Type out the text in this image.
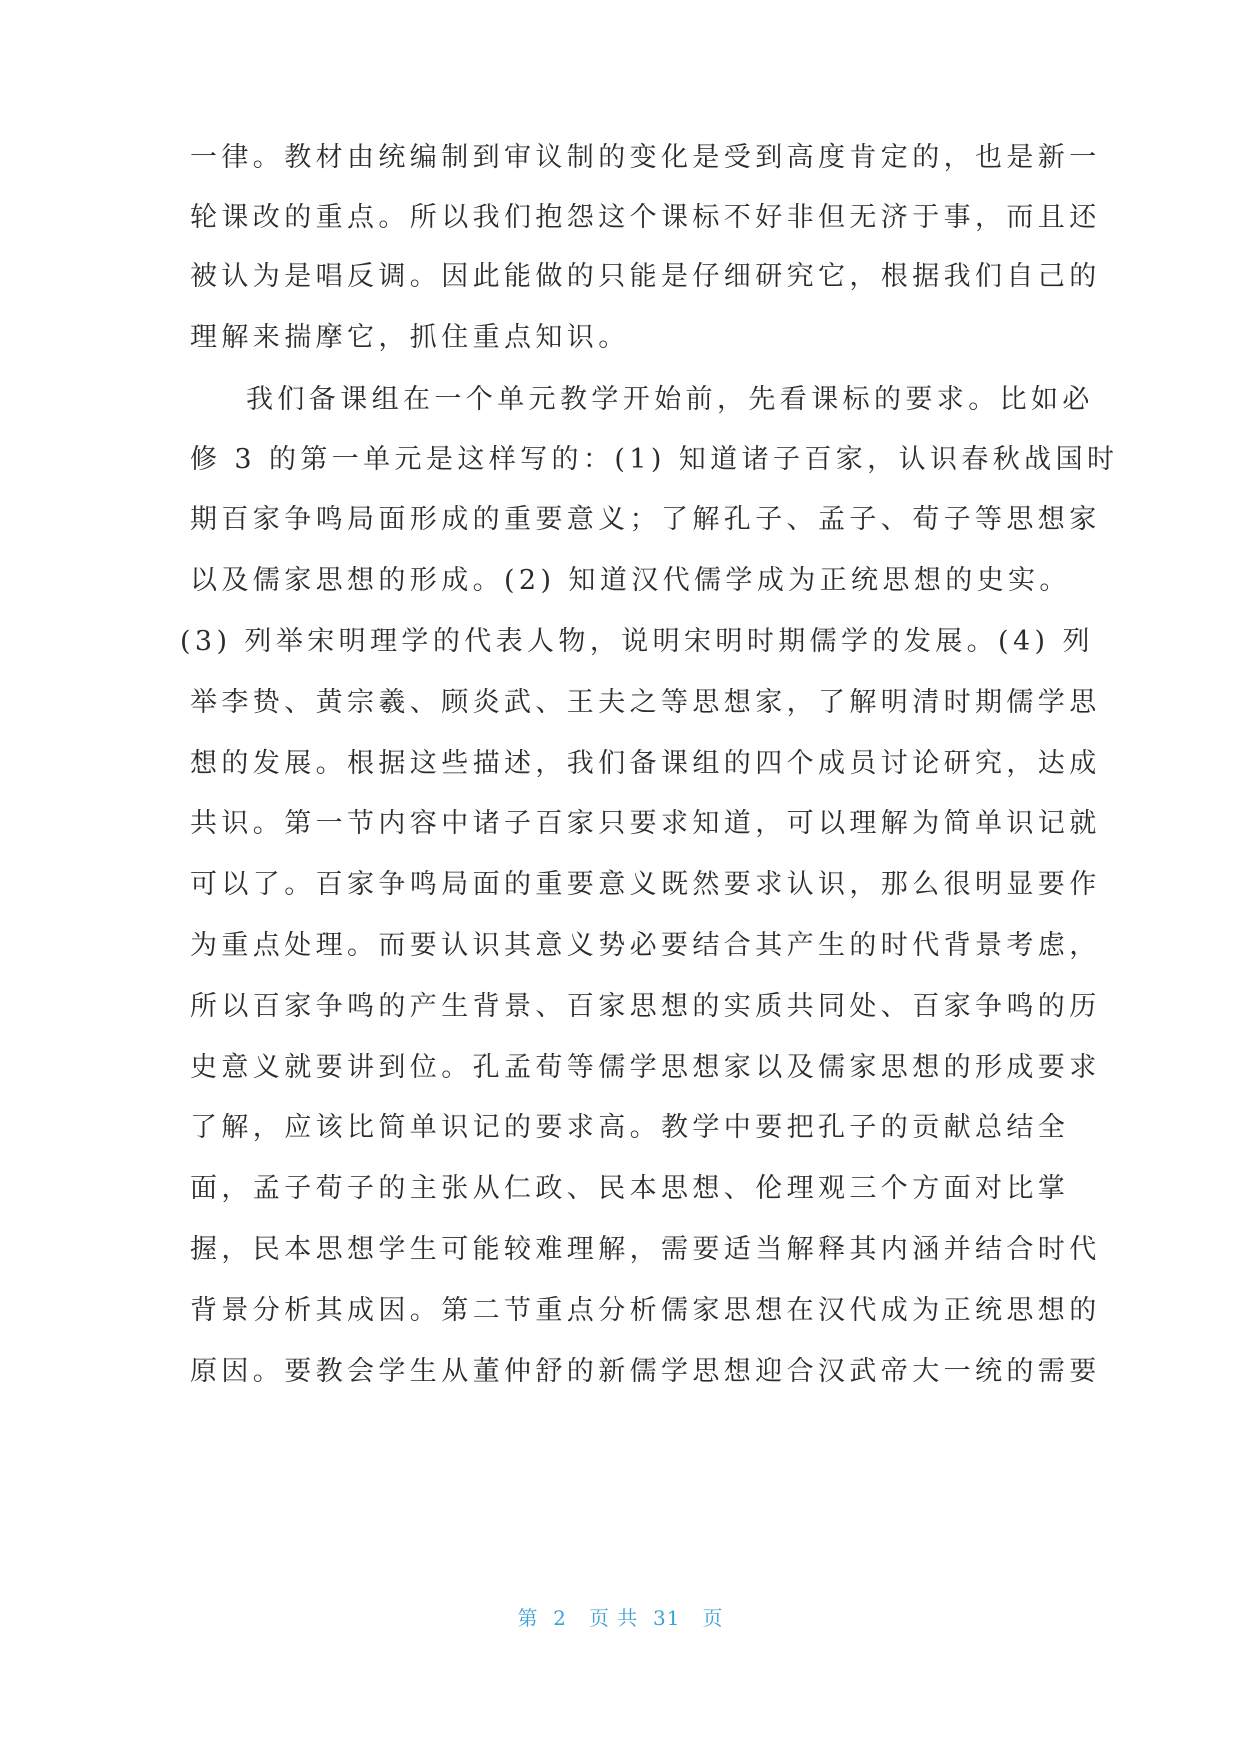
一律。教材由统编制到审议制的变化是受到高度肯定的，也是新一
轮课改的重点。所以我们抱怨这个课标不好非但无济于事，而且还
被认为是唱反调。因此能做的只能是仔细研究它，根据我们自己的
理解来揣摩它，抓住重点知识。
我们备课组在一个单元教学开始前，先看课标的要求。比如必
修 3 的第一单元是这样写的：(1) 知道诸子百家，认识春秋战国时
期百家争鸣局面形成的重要意义；了解孔子、孟子、荀子等思想家
以及儒家思想的形成。(2) 知道汉代儒学成为正统思想的史实。
(3) 列举宋明理学的代表人物，说明宋明时期儒学的发展。(4) 列
举李贽、黄宗羲、顾炎武、王夫之等思想家，了解明清时期儒学思
想的发展。根据这些描述，我们备课组的四个成员讨论研究，达成
共识。第一节内容中诸子百家只要求知道，可以理解为简单识记就
可以了。百家争鸣局面的重要意义既然要求认识，那么很明显要作
为重点处理。而要认识其意义势必要结合其产生的时代背景考虑，
所以百家争鸣的产生背景、百家思想的实质共同处、百家争鸣的历
史意义就要讲到位。孔孟荀等儒学思想家以及儒家思想的形成要求
了解，应该比简单识记的要求高。教学中要把孔子的贡献总结全
面，孟子荀子的主张从仁政、民本思想、伦理观三个方面对比掌
握，民本思想学生可能较难理解，需要适当解释其内涵并结合时代
背景分析其成因。第二节重点分析儒家思想在汉代成为正统思想的
原因。要教会学生从董仲舒的新儒学思想迎合汉武帝大一统的需要
第  2   页 共  31   页
